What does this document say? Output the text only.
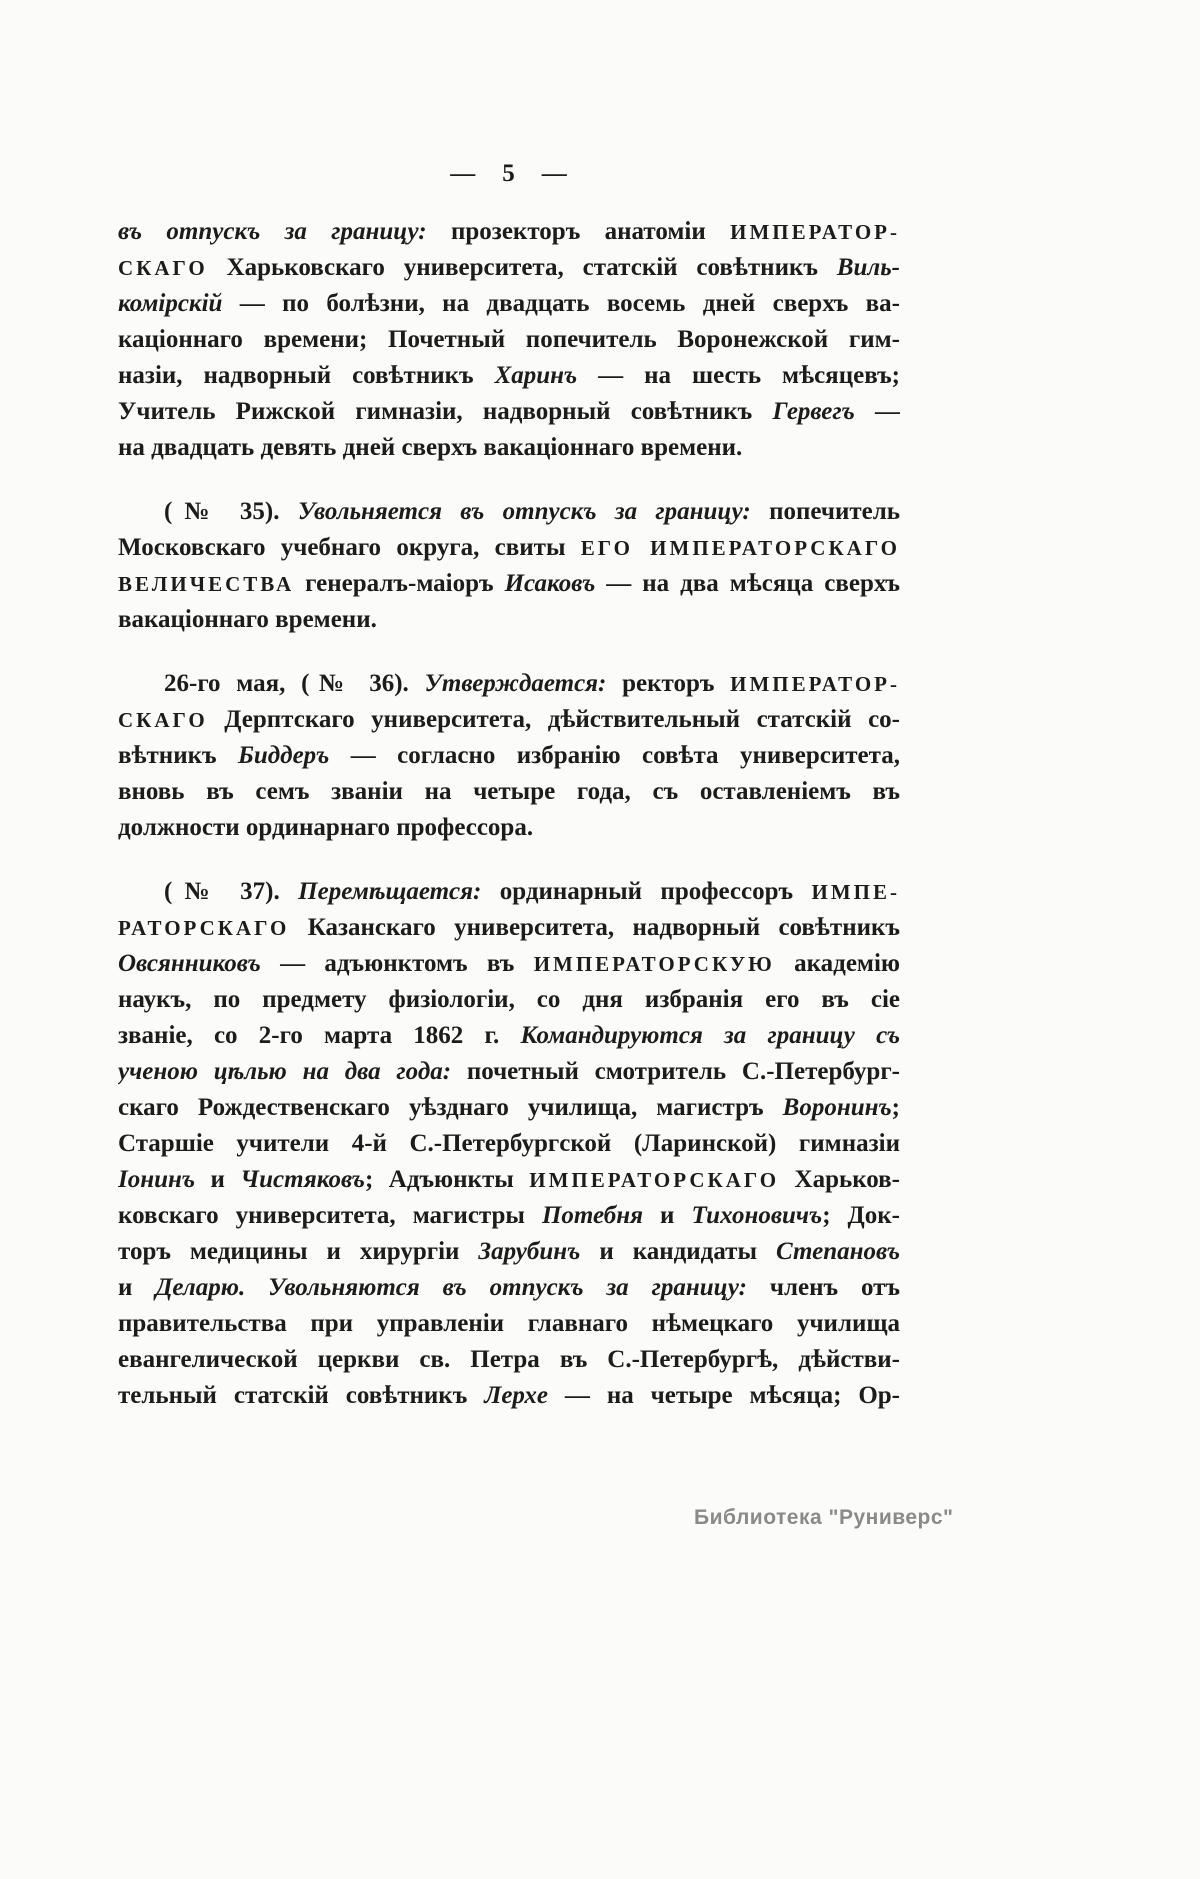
— 5 —
въ отпускъ за границу: прозекторъ анатоміи ИМПЕРАТОР-
СКАГО Харьковскаго университета, статскій совѣтникъ Виль-
комірскій — по болѣзни, на двадцать восемь дней сверхъ ва-
каціоннаго времени; Почетный попечитель Воронежской гим-
назіи, надворный совѣтникъ Харинъ — на шесть мѣсяцевъ;
Учитель Рижской гимназіи, надворный совѣтникъ Гервегъ —
на двадцать девять дней сверхъ вакаціоннаго времени.
(№ 35). Увольняется въ отпускъ за границу: попечитель
Московскаго учебнаго округа, свиты ЕГО ИМПЕРАТОРСКАГО
ВЕЛИЧЕСТВА генералъ-маіоръ Исаковъ — на два мѣсяца сверхъ
вакаціоннаго времени.
26-го мая, (№ 36). Утверждается: ректоръ ИМПЕРАТОР-
СКАГО Дерптскаго университета, дѣйствительный статскій со-
вѣтникъ Биддеръ — согласно избранію совѣта университета,
вновь въ семъ званіи на четыре года, съ оставленіемъ въ
должности ординарнаго профессора.
(№ 37). Перемѣщается: ординарный профессоръ ИМПЕ-
РАТОРСКАГО Казанскаго университета, надворный совѣтникъ
Овсянниковъ — адъюнктомъ въ ИМПЕРАТОРСКУЮ академію
наукъ, по предмету физіологіи, со дня избранія его въ сіе
званіе, со 2-го марта 1862 г. Командируются за границу съ
ученою цѣлью на два года: почетный смотритель С.-Петербург-
скаго Рождественскаго уѣзднаго училища, магистръ Воронинъ;
Старшіе учители 4-й С.-Петербургской (Ларинской) гимназіи
Іонинъ и Чистяковъ; Адъюнкты ИМПЕРАТОРСКАГО Харьков-
ковскаго университета, магистры Потебня и Тихоновичъ; Док-
торъ медицины и хирургіи Зарубинъ и кандидаты Степановъ
и Деларю. Увольняются въ отпускъ за границу: членъ отъ
правительства при управленіи главнаго нѣмецкаго училища
евангелической церкви св. Петра въ С.-Петербургѣ, дѣйстви-
тельный статскій совѣтникъ Лерхе — на четыре мѣсяца; Ор-
Библиотека "Руниверс"
